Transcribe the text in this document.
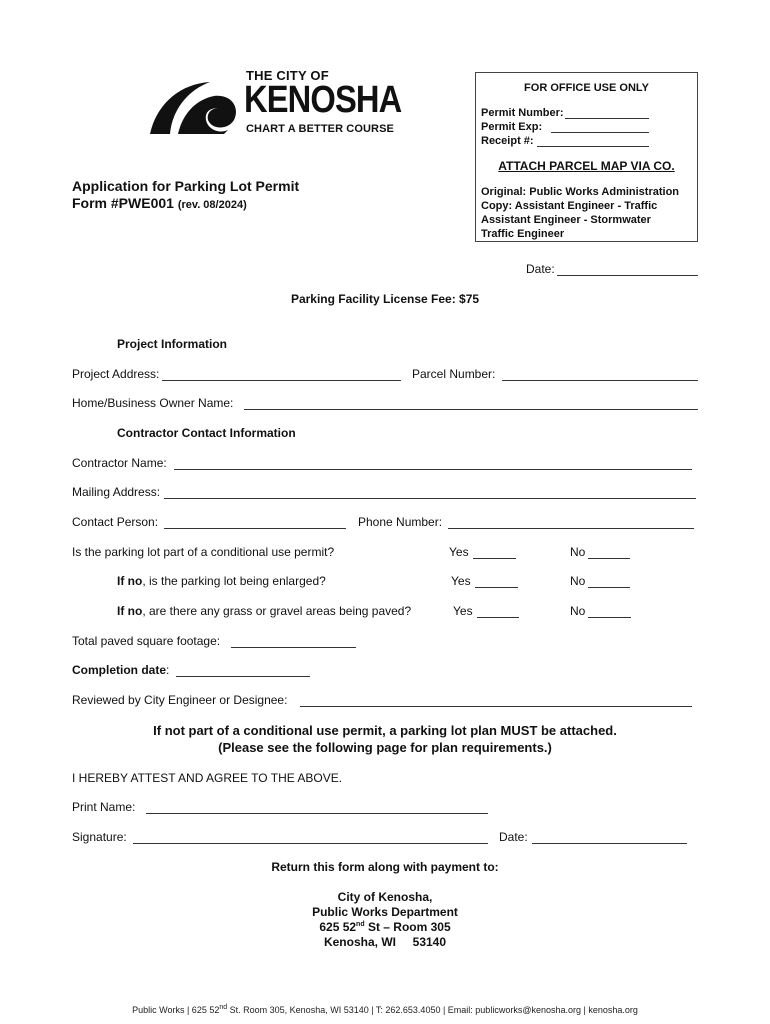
THE CITY OF
KENOSHA
CHART A BETTER COURSE
FOR OFFICE USE ONLY
Permit Number:
Permit Exp:
Receipt #:
ATTACH PARCEL MAP VIA CO.
Original: Public Works Administration
Copy: Assistant Engineer - Traffic
Assistant Engineer - Stormwater
Traffic Engineer
Application for Parking Lot Permit
Form #PWE001 (rev. 08/2024)
Date:
Parking Facility License Fee: $75
Project Information
Project Address:	Parcel Number:
Home/Business Owner Name:
Contractor Contact Information
Contractor Name:
Mailing Address:
Contact Person:	Phone Number:
Is the parking lot part of a conditional use permit?	Yes	No
If no, is the parking lot being enlarged?	Yes	No
If no, are there any grass or gravel areas being paved?	Yes	No
Total paved square footage:
Completion date:
Reviewed by City Engineer or Designee:
If not part of a conditional use permit, a parking lot plan MUST be attached.
(Please see the following page for plan requirements.)
I HEREBY ATTEST AND AGREE TO THE ABOVE.
Print Name:
Signature:	Date:
Return this form along with payment to:
City of Kenosha,
Public Works Department
625 52nd St – Room 305
Kenosha, WI     53140
Public Works | 625 52nd St. Room 305, Kenosha, WI 53140 | T: 262.653.4050 | Email: publicworks@kenosha.org | kenosha.org
